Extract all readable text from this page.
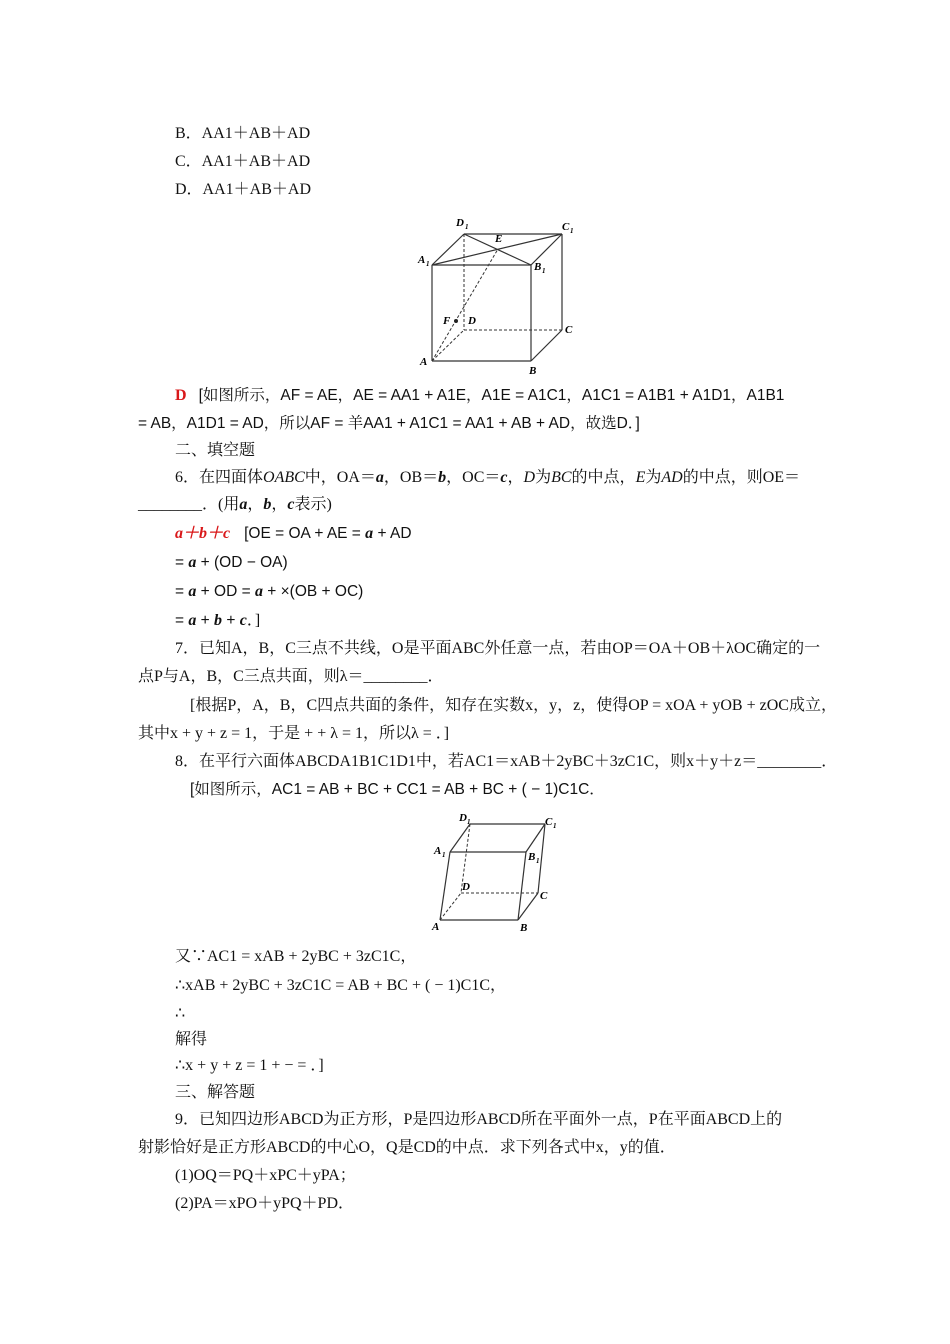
B．AA1＋AB＋AD
C．AA1＋AB＋AD
D．AA1＋AB＋AD
D 1	C 1
A 1	B 1
E
F D
C
A
B
D [如图所示，AF = AE，AE = AA1 + A1E，A1E = A1C1，A1C1 = A1B1 + A1D1，A1B1
= AB，A1D1 = AD，所以AF = 羊AA1 + A1C1 = AA1 + AB + AD，故选D．]
二、填空题
6．在四面体OABC中，OA＝a，OB＝b，OC＝c，D为BC的中点，E为AD的中点，则OE＝
________．(用a，b，c表示)
a＋b＋c [OE = OA + AE = a + AD
= a + (OD − OA)
= a + OD = a + ×(OB + OC)
= a + b + c．]
7．已知A，B，C三点不共线，O是平面ABC外任意一点，若由OP＝OA＋OB＋λOC确定的一
点P与A，B，C三点共面，则λ＝________．
[根据P，A，B，C四点共面的条件，知存在实数x，y，z，使得OP = xOA + yOB + zOC成立，
其中x + y + z = 1，于是 + + λ = 1，所以λ = ．]
8．在平行六面体ABCDA1B1C1D1中，若AC1＝xAB＋2yBC＋3zC1C，则x＋y＋z＝________．
[如图所示，AC1 = AB + BC + CC1 = AB + BC + ( − 1)C1C．
D 1	C 1
A 1	B 1
D
C
A	B
又∵AC1 = xAB + 2yBC + 3zC1C，
∴xAB + 2yBC + 3zC1C = AB + BC + ( − 1)C1C，
∴
解得
∴x + y + z = 1 + − = ．]
三、解答题
9．已知四边形ABCD为正方形，P是四边形ABCD所在平面外一点，P在平面ABCD上的
射影恰好是正方形ABCD的中心O，Q是CD的中点．求下列各式中x，y的值．
(1)OQ＝PQ＋xPC＋yPA；
(2)PA＝xPO＋yPQ＋PD．
